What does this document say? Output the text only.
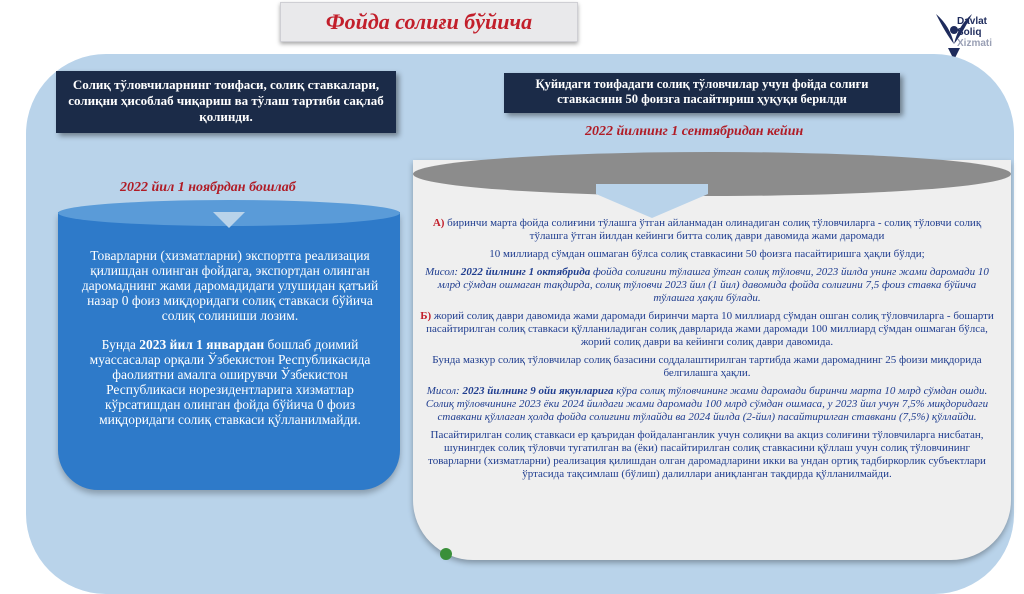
Фойда солиғи бўйича	Davlat
Soliq
Xizmati
Солиқ тўловчиларнинг тоифаси, солиқ ставкалари, солиқни ҳисоблаб чиқариш ва тўлаш тартиби сақлаб қолинди.
2022 йил 1 ноябрдан бошлаб

Товарларни (хизматларни) экспортга реализация қилишдан олинган фойдага, экспортдан олинган даромаднинг жами даромадидаги улушидан қатъий назар 0 фоиз миқдоридаги солиқ ставкаси бўйича солиқ солиниши лозим.

Бунда 2023 йил 1 январдан бошлаб доимий муассасалар орқали Ўзбекистон Республикасида фаолиятни амалга оширувчи Ўзбекистон Республикаси норезидентларига хизматлар кўрсатишдан олинган фойда бўйича 0 фоиз миқдоридаги солиқ ставкаси қўлланилмайди.

Қуйидаги тоифадаги солиқ тўловчилар учун фойда солиғи ставкасини 50 фоизга пасайтириш ҳуқуқи берилди
2022 йилнинг 1 сентябридан кейин

А) биринчи марта фойда солиғини тўлашга ўтган айланмадан олинадиган солиқ тўловчиларга - солиқ тўловчи солиқ тўлашга ўтган йилдан кейинги битта солиқ даври давомида жами даромади

10 миллиард сўмдан ошмаган бўлса солиқ ставкасини 50 фоизга пасайтиришга ҳақли бўлди;

Мисол: 2022 йилнинг 1 октябрида фойда солиғини тўлашга ўтган солиқ тўловчи, 2023 йилда унинг жами даромади 10 млрд сўмдан ошмаган тақдирда, солиқ тўловчи 2023 йил (1 йил) давомида фойда солиғини 7,5 фоиз ставка бўйича тўлашга ҳақли бўлади.

Б) жорий солиқ даври давомида жами даромади биринчи марта 10 миллиард сўмдан ошган солиқ тўловчиларга - бошарти пасайтирилган солиқ ставкаси қўлланиладиган солиқ даврларида жами даромади 100 миллиард сўмдан ошмаган бўлса, жорий солиқ даври ва кейинги солиқ даври давомида.

Бунда мазкур солиқ тўловчилар солиқ базасини соддалаштирилган тартибда жами даромаднинг 25 фоизи миқдорида белгилашга ҳақли.

Мисол: 2023 йилнинг 9 ойи якунларига кўра солиқ тўловчининг жами даромади биринчи марта 10 млрд сўмдан ошди. Солиқ тўловчининг 2023 ёки 2024 йилдаги жами даромади 100 млрд сўмдан ошмаса, у 2023 йил учун 7,5% миқдоридаги ставкани қўллаган ҳолда фойда солиғини тўлайди ва 2024 йилда (2-йил) пасайтирилган ставкани (7,5%) қўллайди.

Пасайтирилган солиқ ставкаси ер қаъридан фойдаланганлик учун солиқни ва акциз солиғини тўловчиларга нисбатан, шунингдек солиқ тўловчи тугатилган ва (ёки) пасайтирилган солиқ ставкасини қўллаш учун солиқ тўловчининг товарларни (хизматларни) реализация қилишдан олган даромадларини икки ва ундан ортиқ тадбиркорлик субъектлари ўртасида тақсимлаш (бўлиш) далиллари аниқланган тақдирда қўлланилмайди.
